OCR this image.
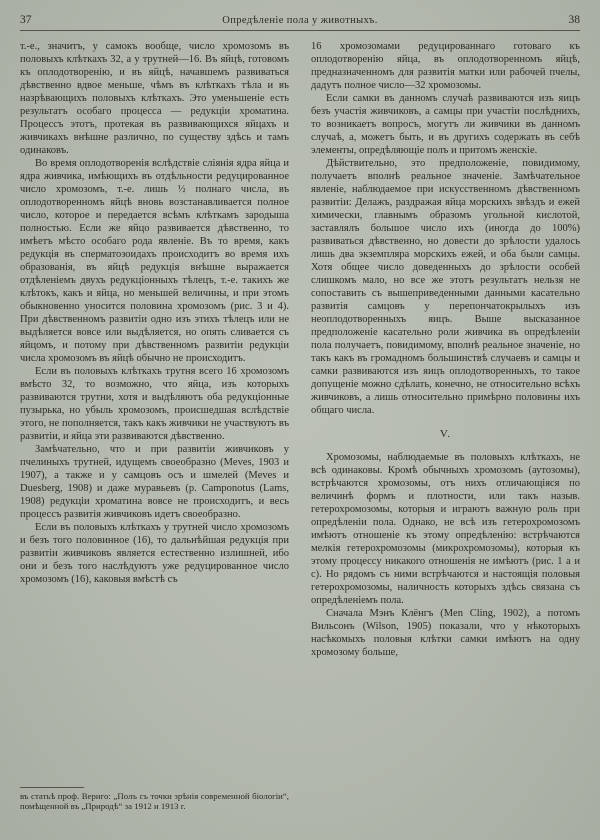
37	Опредѣленіе пола у животныхъ.	38

т.-е., значитъ, у самокъ вообще, число хромозомъ въ половыхъ клѣткахъ 32, а у трутней—16. Въ яйцѣ, готовомъ къ оплодотворенію, и въ яйцѣ, начавшемъ развиваться дѣвственно вдвое меньше, чѣмъ въ клѣткахъ тѣла и въ назрѣвающихъ половыхъ клѣткахъ. Это уменьшеніе есть результатъ особаго процесса — редукціи хроматина. Процессъ этотъ, протекая въ развивающихся яйцахъ и живчикахъ внѣшне различно, по существу здѣсь и тамъ одинаковъ.

Во время оплодотворенія вслѣдствіе сліянія ядра яйца и ядра живчика, имѣющихъ въ отдѣльности редуцированное число хромозомъ, т.-е. лишь ½ полнаго числа, въ оплодотворенномъ яйцѣ вновь возстанавливается полное число, которое и передается всѣмъ клѣткамъ зародыша полностью. Если же яйцо развивается дѣвственно, то имѣетъ мѣсто особаго рода явленіе. Въ то время, какъ редукція въ сперматозоидахъ происходитъ во время ихъ образованія, въ яйцѣ редукція внѣшне выражается отдѣленіемъ двухъ редукціонныхъ тѣлецъ, т.-е. такихъ же клѣтокъ, какъ и яйца, но меньшей величины, и при этомъ обыкновенно уносится половина хромозомъ (рис. 3 и 4). При дѣвственномъ развитіи одно изъ этихъ тѣлецъ или не выдѣляется вовсе или выдѣляется, но опять сливается съ яйцомъ, и потому при дѣвственномъ развитіи редукціи числа хромозомъ въ яйцѣ обычно не происходитъ.

Если въ половыхъ клѣткахъ трутня всего 16 хромозомъ вмѣсто 32, то возможно, что яйца, изъ которыхъ развиваются трутни, хотя и выдѣляютъ оба редукціонные пузырька, но убыль хромозомъ, происшедшая вслѣдствіе этого, не пополняется, такъ какъ живчики не участвуютъ въ развитіи, и яйца эти развиваются дѣвственно.

Замѣчательно, что и при развитіи живчиковъ у пчелиныхъ трутней, идущемъ своеобразно (Meves, 1903 и 1907), а также и у самцовъ осъ и шмелей (Meves и Duesberg, 1908) и даже муравьевъ (р. Camponotus (Lams, 1908) редукціи хроматина вовсе не происходитъ, и весь процессъ развитія живчиковъ идетъ своеобразно.

Если въ половыхъ клѣткахъ у трутней число хромозомъ и безъ того половинное (16), то дальнѣйшая редукція при развитіи живчиковъ является естественно излишней, ибо они и безъ того наслѣдуютъ уже редуцированное число хромозомъ (16), каковыя вмѣстѣ съ

въ статьѣ проф. Вериго: „Полъ съ точки зрѣнія современной біологіи“, помѣщенной въ „Природѣ“ за 1912 и 1913 г.

16 хромозомами редуцированнаго готоваго къ оплодотворенію яйца, въ оплодотворенномъ яйцѣ, предназначенномъ для развитія матки или рабочей пчелы, дадутъ полное число—32 хромозомы.

Если самки въ данномъ случаѣ развиваются изъ яицъ безъ участія живчиковъ, а самцы при участіи послѣднихъ, то возникаетъ вопросъ, могутъ ли живчики въ данномъ случаѣ, а, можетъ быть, и въ другихъ содержать въ себѣ элементы, опредѣляющіе полъ и притомъ женскіе.

Дѣйствительно, это предположеніе, повидимому, получаетъ вполнѣ реальное значеніе. Замѣчательное явленіе, наблюдаемое при искусственномъ дѣвственномъ развитіи: Делажъ, раздражая яйца морскихъ звѣздъ и ежей химически, главнымъ образомъ угольной кислотой, заставлялъ большое число ихъ (иногда до 100%) развиваться дѣвственно, но довести до зрѣлости удалось лишь два экземпляра морскихъ ежей, и оба были самцы. Хотя общее число доведенныхъ до зрѣлости особей слишкомъ мало, но все же этотъ результатъ нельзя не сопоставить съ вышеприведенными данными касательно развитія самцовъ у перепончатокрылыхъ изъ неоплодотворенныхъ яицъ. Выше высказанное предположеніе касательно роли живчика въ опредѣленіи пола получаетъ, повидимому, вполнѣ реальное значеніе, но такъ какъ въ громадномъ большинствѣ случаевъ и самцы и самки развиваются изъ яицъ оплодотворенныхъ, то такое допущеніе можно сдѣлать, конечно, не относительно всѣхъ живчиковъ, а лишь относительно примѣрно половины ихъ общаго числа.

V.

Хромозомы, наблюдаемые въ половыхъ клѣткахъ, не всѣ одинаковы. Кромѣ обычныхъ хромозомъ (аутозомы), встрѣчаются хромозомы, отъ нихъ отличающіяся по величинѣ формъ и плотности, или такъ назыв. гетерохромозомы, которыя и играютъ важную роль при опредѣленіи пола. Однако, не всѣ изъ гетерохромозомъ имѣютъ отношеніе къ этому опредѣленію: встрѣчаются мелкія гетерохромозомы (микрохромозомы), которыя къ этому процессу никакого отношенія не имѣютъ (рис. 1 а и с). Но рядомъ съ ними встрѣчаются и настоящія половыя гетерохромозомы, наличность которыхъ здѣсь связана съ опредѣленіемъ пола.

Сначала Мэнъ Клёнгъ (Men Cling, 1902), а потомъ Вильсонъ (Wilson, 1905) показали, что у нѣкоторыхъ насѣкомыхъ половыя клѣтки самки имѣютъ на одну хромозому больше,
